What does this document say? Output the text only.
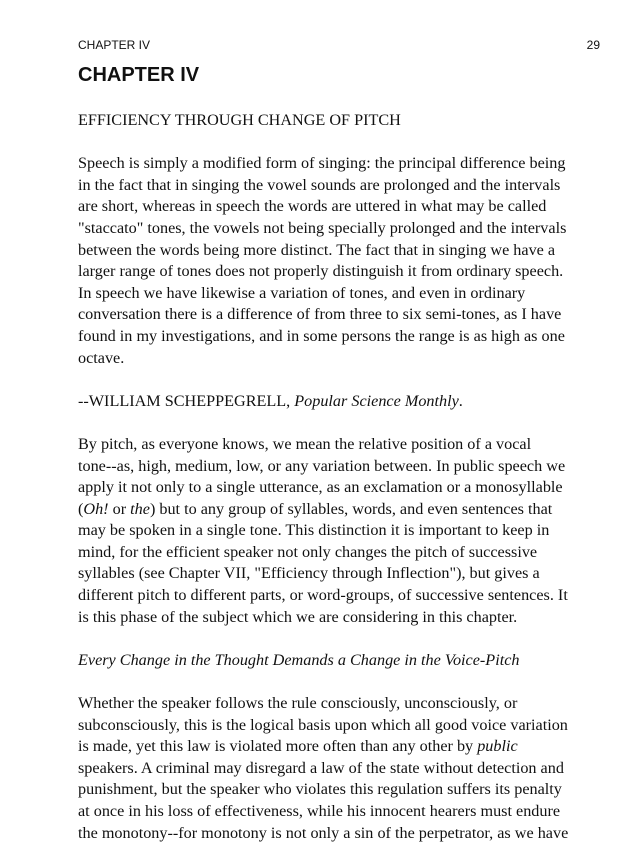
CHAPTER IV	29
CHAPTER IV

EFFICIENCY THROUGH CHANGE OF PITCH

Speech is simply a modified form of singing: the principal difference being
in the fact that in singing the vowel sounds are prolonged and the intervals
are short, whereas in speech the words are uttered in what may be called
"staccato" tones, the vowels not being specially prolonged and the intervals
between the words being more distinct. The fact that in singing we have a
larger range of tones does not properly distinguish it from ordinary speech.
In speech we have likewise a variation of tones, and even in ordinary
conversation there is a difference of from three to six semi-tones, as I have
found in my investigations, and in some persons the range is as high as one
octave.

--WILLIAM SCHEPPEGRELL, Popular Science Monthly.

By pitch, as everyone knows, we mean the relative position of a vocal
tone--as, high, medium, low, or any variation between. In public speech we
apply it not only to a single utterance, as an exclamation or a monosyllable
(Oh! or the) but to any group of syllables, words, and even sentences that
may be spoken in a single tone. This distinction it is important to keep in
mind, for the efficient speaker not only changes the pitch of successive
syllables (see Chapter VII, "Efficiency through Inflection"), but gives a
different pitch to different parts, or word-groups, of successive sentences. It
is this phase of the subject which we are considering in this chapter.

Every Change in the Thought Demands a Change in the Voice-Pitch

Whether the speaker follows the rule consciously, unconsciously, or
subconsciously, this is the logical basis upon which all good voice variation
is made, yet this law is violated more often than any other by public
speakers. A criminal may disregard a law of the state without detection and
punishment, but the speaker who violates this regulation suffers its penalty
at once in his loss of effectiveness, while his innocent hearers must endure
the monotony--for monotony is not only a sin of the perpetrator, as we have
